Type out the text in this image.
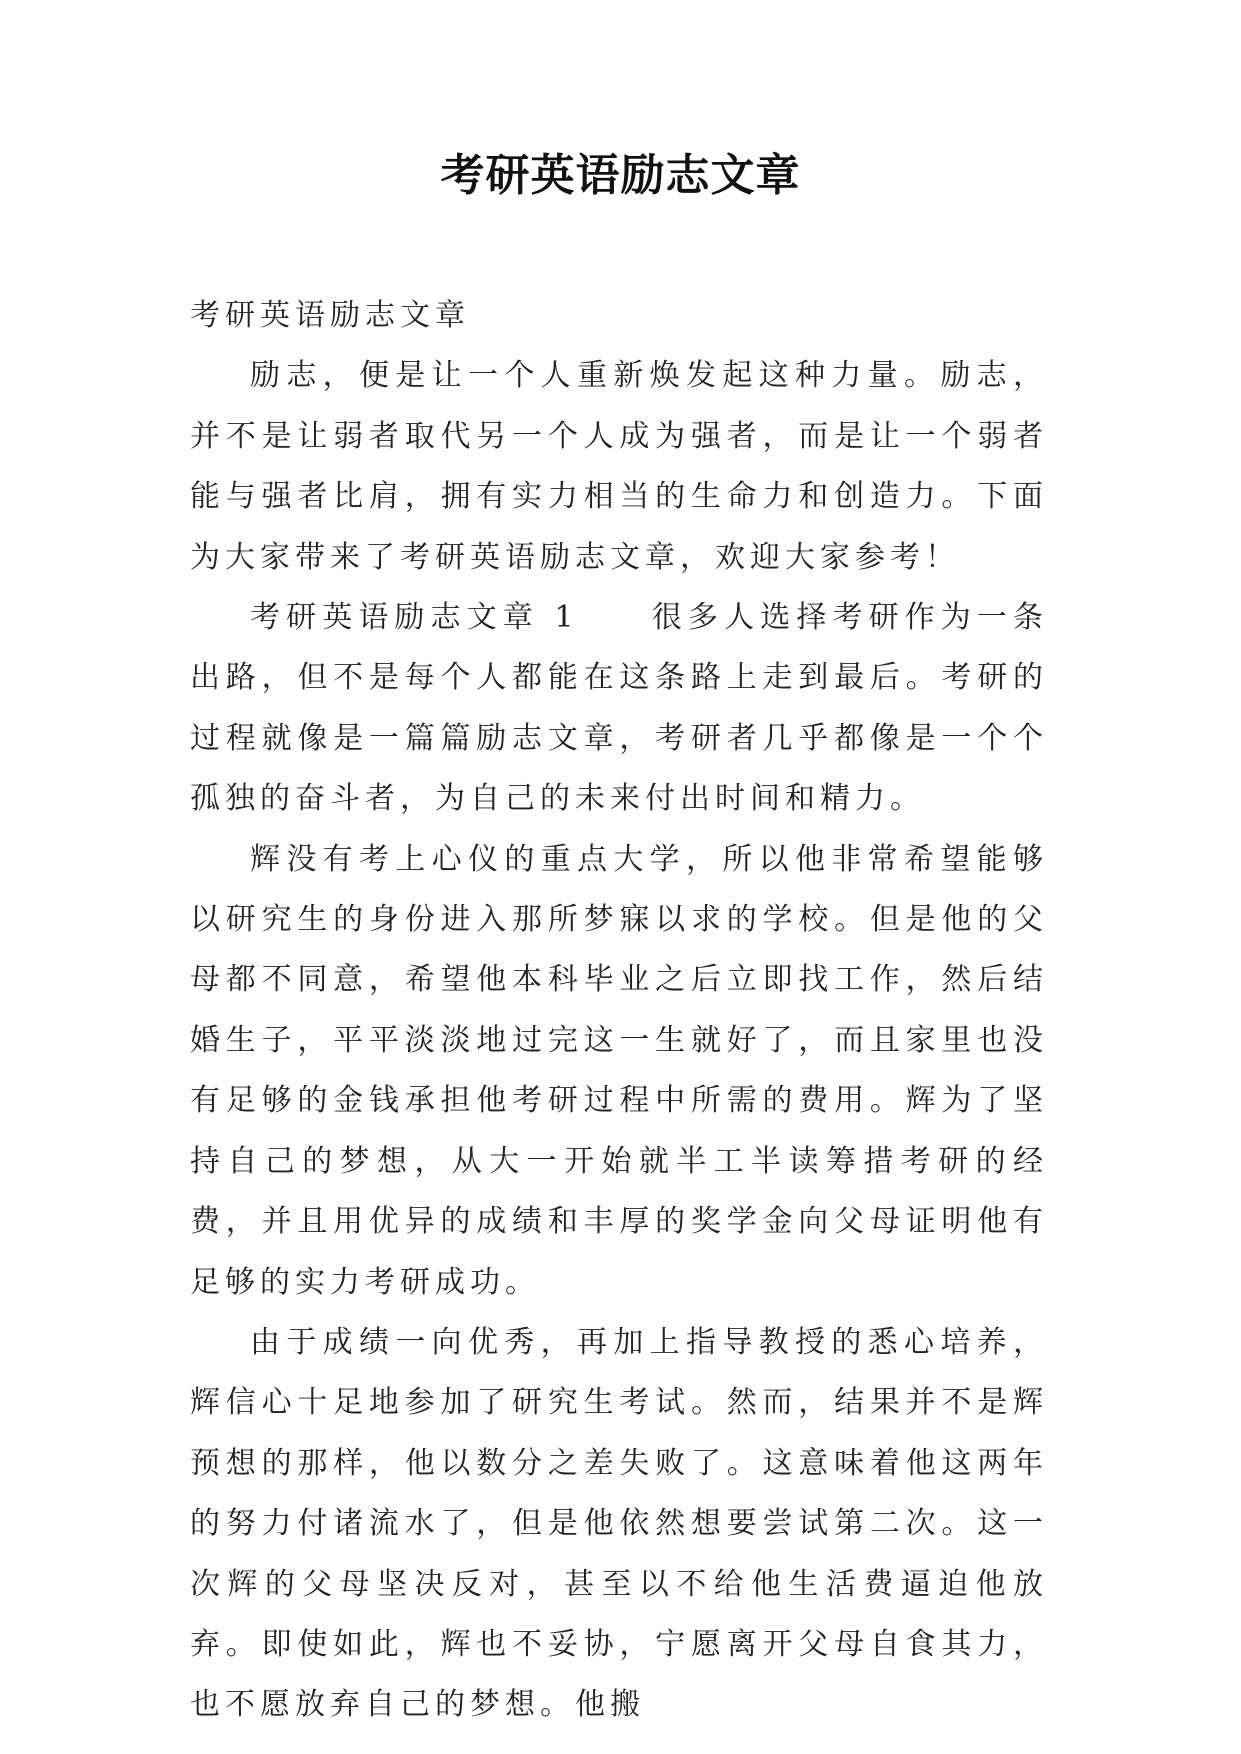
考研英语励志文章

考研英语励志文章

励志，便是让一个人重新焕发起这种力量。励志，并不是让弱者取代另一个人成为强者，而是让一个弱者能与强者比肩，拥有实力相当的生命力和创造力。下面为大家带来了考研英语励志文章，欢迎大家参考！

考研英语励志文章 1　　很多人选择考研作为一条出路，但不是每个人都能在这条路上走到最后。考研的过程就像是一篇篇励志文章，考研者几乎都像是一个个孤独的奋斗者，为自己的未来付出时间和精力。

辉没有考上心仪的重点大学，所以他非常希望能够以研究生的身份进入那所梦寐以求的学校。但是他的父母都不同意，希望他本科毕业之后立即找工作，然后结婚生子，平平淡淡地过完这一生就好了，而且家里也没有足够的金钱承担他考研过程中所需的费用。辉为了坚持自己的梦想，从大一开始就半工半读筹措考研的经费，并且用优异的成绩和丰厚的奖学金向父母证明他有足够的实力考研成功。

由于成绩一向优秀，再加上指导教授的悉心培养，辉信心十足地参加了研究生考试。然而，结果并不是辉预想的那样，他以数分之差失败了。这意味着他这两年的努力付诸流水了，但是他依然想要尝试第二次。这一次辉的父母坚决反对，甚至以不给他生活费逼迫他放弃。即使如此，辉也不妥协，宁愿离开父母自食其力，也不愿放弃自己的梦想。他搬
